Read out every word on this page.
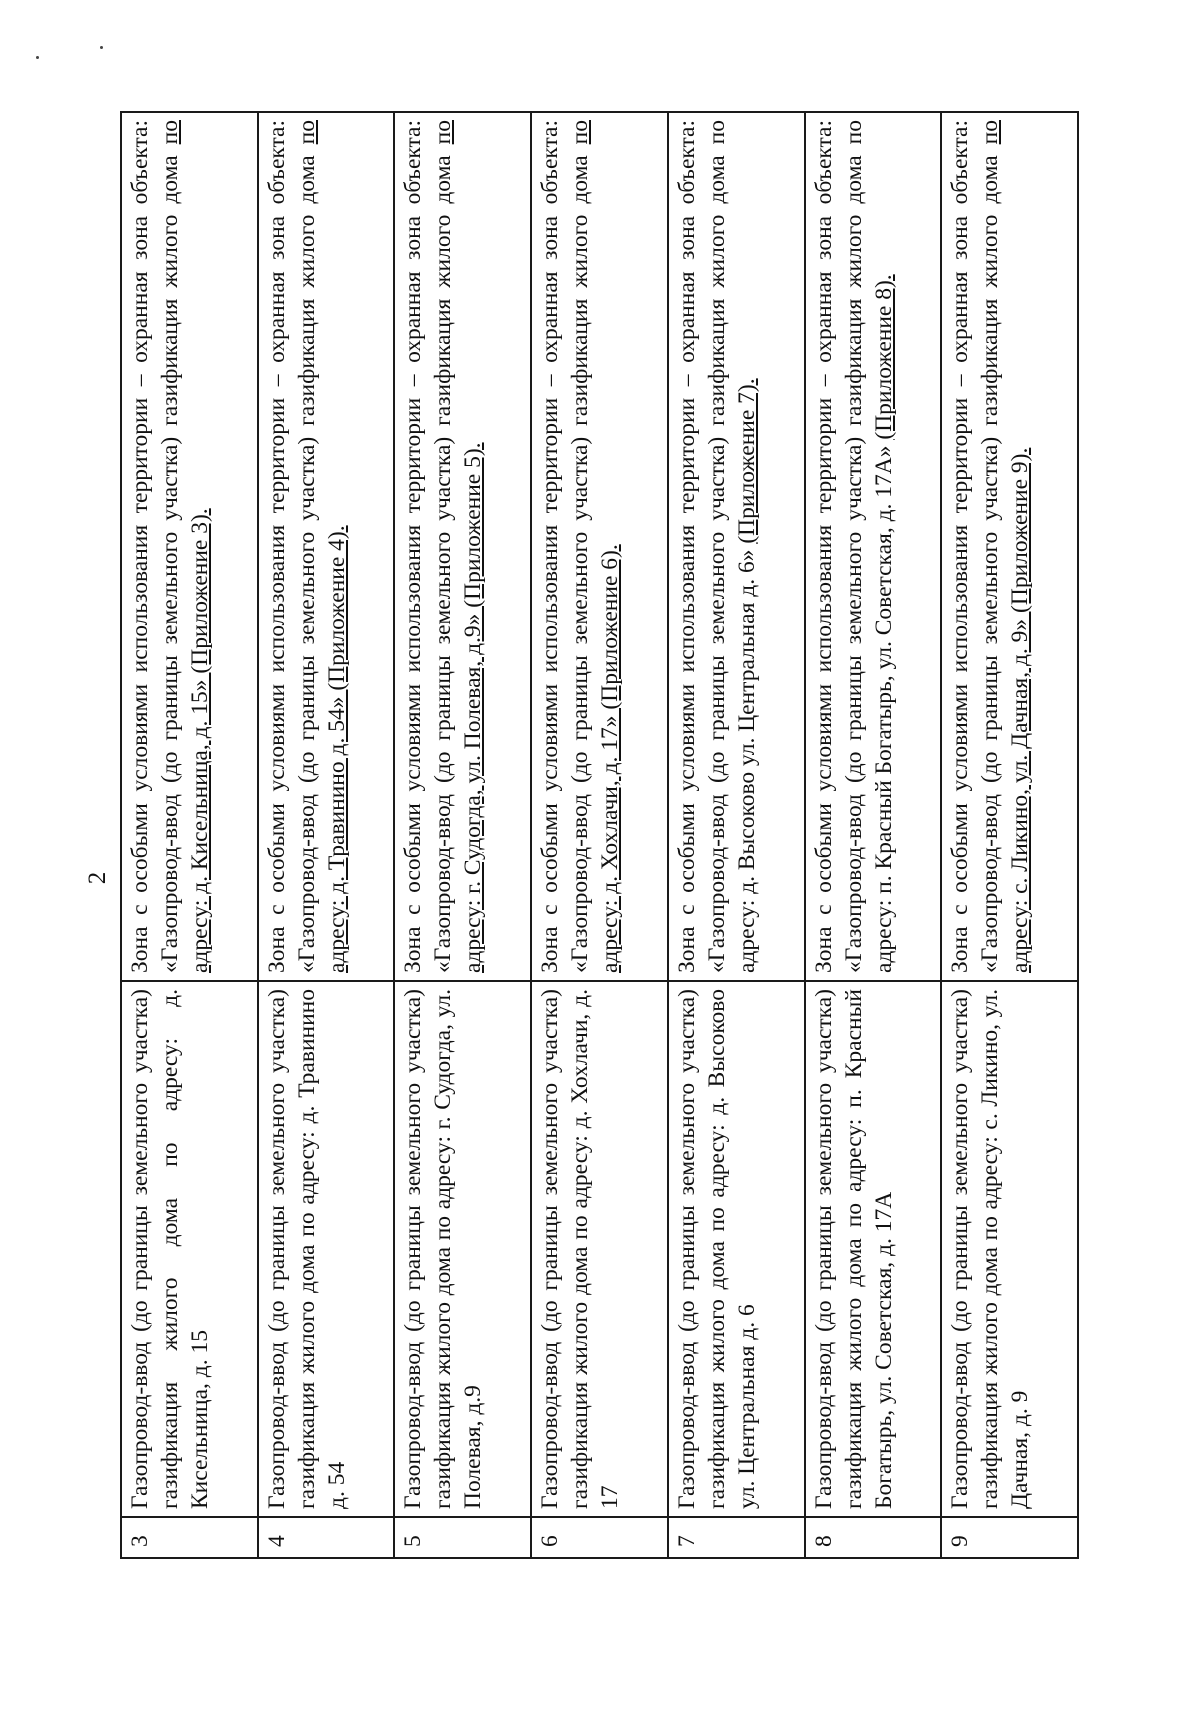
2
3	Газопровод-ввод (до границы земельного участка) газификация жилого дома по адресу: д. Кисельница, д. 15	Зона с особыми условиями использования территории – охранная зона объекта: «Газопровод-ввод (до границы земельного участка) газификация жилого дома по адресу: д. Кисельница, д. 15» (Приложение 3).
4	Газопровод-ввод (до границы земельного участка) газификация жилого дома по адресу: д. Травинино д. 54	Зона с особыми условиями использования территории – охранная зона объекта: «Газопровод-ввод (до границы земельного участка) газификация жилого дома по адресу: д. Травинино д. 54» (Приложение 4).
5	Газопровод-ввод (до границы земельного участка) газификация жилого дома по адресу: г. Судогда, ул. Полевая, д.9	Зона с особыми условиями использования территории – охранная зона объекта: «Газопровод-ввод (до границы земельного участка) газификация жилого дома по адресу: г. Судогда, ул. Полевая, д.9» (Приложение 5).
6	Газопровод-ввод (до границы земельного участка) газификация жилого дома по адресу: д. Хохлачи, д. 17	Зона с особыми условиями использования территории – охранная зона объекта: «Газопровод-ввод (до границы земельного участка) газификация жилого дома по адресу: д. Хохлачи, д. 17» (Приложение 6).
7	Газопровод-ввод (до границы земельного участка) газификация жилого дома по адресу: д. Высоково ул. Центральная д. 6	Зона с особыми условиями использования территории – охранная зона объекта: «Газопровод-ввод (до границы земельного участка) газификация жилого дома по адресу: д. Высоково ул. Центральная д. 6» (Приложение 7).
8	Газопровод-ввод (до границы земельного участка) газификация жилого дома по адресу: п. Красный Богатырь, ул. Советская, д. 17А	Зона с особыми условиями использования территории – охранная зона объекта: «Газопровод-ввод (до границы земельного участка) газификация жилого дома по адресу: п. Красный Богатырь, ул. Советская, д. 17А» (Приложение 8).
9	Газопровод-ввод (до границы земельного участка) газификация жилого дома по адресу: с. Ликино, ул. Дачная, д. 9	Зона с особыми условиями использования территории – охранная зона объекта: «Газопровод-ввод (до границы земельного участка) газификация жилого дома по адресу: с. Ликино, ул. Дачная, д. 9» (Приложение 9).
